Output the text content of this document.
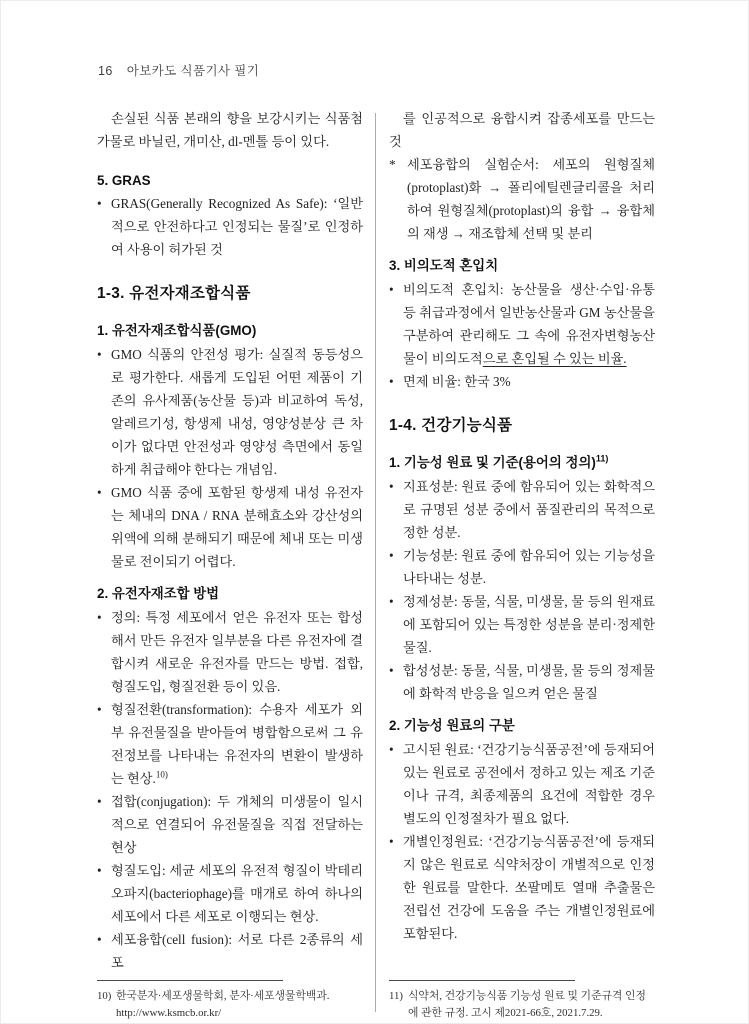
16 아보카도 식품기사 필기

손실된 식품 본래의 향을 보강시키는 식품첨가물로 바닐린, 개미산, dl-멘톨 등이 있다.

5. GRAS

• GRAS(Generally Recognized As Safe): ‘일반적으로 안전하다고 인정되는 물질’로 인정하여 사용이 허가된 것

1-3. 유전자재조합식품
1. 유전자재조합식품(GMO)

• GMO 식품의 안전성 평가: 실질적 동등성으로 평가한다. 새롭게 도입된 어떤 제품이 기존의 유사제품(농산물 등)과 비교하여 독성, 알레르기성, 항생제 내성, 영양성분상 큰 차이가 없다면 안전성과 영양성 측면에서 동일하게 취급해야 한다는 개념임.

• GMO 식품 중에 포함된 항생제 내성 유전자는 체내의 DNA / RNA 분해효소와 강산성의 위액에 의해 분해되기 때문에 체내 또는 미생물로 전이되기 어렵다.

2. 유전자재조합 방법

• 정의: 특정 세포에서 얻은 유전자 또는 합성해서 만든 유전자 일부분을 다른 유전자에 결합시켜 새로운 유전자를 만드는 방법. 접합, 형질도입, 형질전환 등이 있음.

• 형질전환(transformation): 수용자 세포가 외부 유전물질을 받아들여 병합함으로써 그 유전정보를 나타내는 유전자의 변환이 발생하는 현상.$^{10)}$

• 접합(conjugation): 두 개체의 미생물이 일시적으로 연결되어 유전물질을 직접 전달하는 현상

• 형질도입: 세균 세포의 유전적 형질이 박테리오파지(bacteriophage)를 매개로 하여 하나의 세포에서 다른 세포로 이행되는 현상.

• 세포융합(cell fusion): 서로 다른 2종류의 세포

10) 한국분자·세포생물학회, 분자·세포생물학백과.
http://www.ksmcb.or.kr/

를 인공적으로 융합시켜 잡종세포를 만드는 것

* 세포융합의 실험순서: 세포의 원형질체(protoplast)화 → 폴리에틸렌글리콜을 처리하여 원형질체(protoplast)의 융합 → 융합체의 재생 → 재조합체 선택 및 분리

3. 비의도적 혼입치

• 비의도적 혼입치: 농산물을 생산·수입·유통 등 취급과정에서 일반농산물과 GM 농산물을 구분하여 관리해도 그 속에 유전자변형농산물이 비의도적으로 혼입될 수 있는 비율.

• 면제 비율: 한국 3%

1-4. 건강기능식품
1. 기능성 원료 및 기준(용어의 정의)$^{11)}$

• 지표성분: 원료 중에 함유되어 있는 화학적으로 규명된 성분 중에서 품질관리의 목적으로 정한 성분.

• 기능성분: 원료 중에 함유되어 있는 기능성을 나타내는 성분.

• 정제성분: 동물, 식물, 미생물, 물 등의 원재료에 포함되어 있는 특정한 성분을 분리·정제한 물질.

• 합성성분: 동물, 식물, 미생물, 물 등의 정제물에 화학적 반응을 일으켜 얻은 물질

2. 기능성 원료의 구분

• 고시된 원료: ‘건강기능식품공전’에 등재되어 있는 원료로 공전에서 정하고 있는 제조 기준이나 규격, 최종제품의 요건에 적합한 경우 별도의 인정절차가 필요 없다.

• 개별인정원료: ‘건강기능식품공전’에 등재되지 않은 원료로 식약처장이 개별적으로 인정한 원료를 말한다. 쏘팔메토 열매 추출물은 전립선 건강에 도움을 주는 개별인정원료에 포함된다.

11) 식약처, 건강기능식품 기능성 원료 및 기준규격 인정에 관한 규정. 고시 제2021-66호, 2021.7.29.
